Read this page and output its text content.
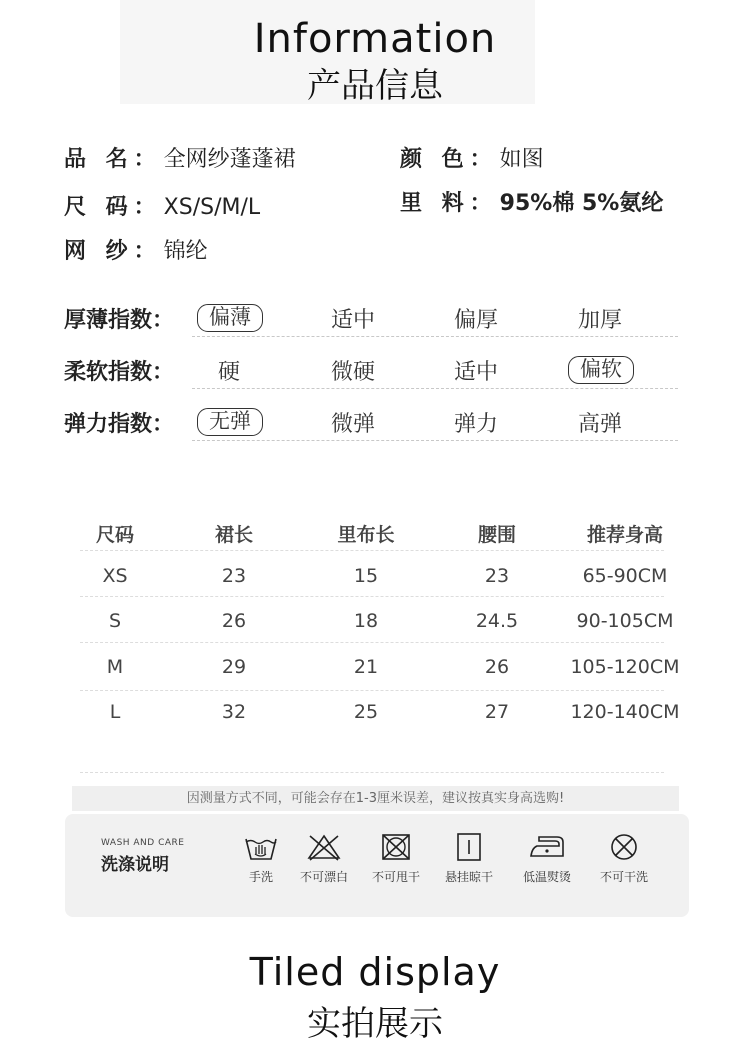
Information
产品信息
品 名：全网纱蓬蓬裙
尺 码：XS/S/M/L
网 纱：锦纶
颜 色：如图
里 料：95%棉 5%氨纶
厚薄指数：	偏薄	适中	偏厚	加厚
柔软指数：	硬	微硬	适中	偏软
弹力指数：	无弹	微弹	弹力	高弹
尺码	裙长	里布长	腰围	推荐身高
XS	23	15	23	65-90CM
S	26	18	24.5	90-105CM
M	29	21	26	105-120CM
L	32	25	27	120-140CM
因测量方式不同，可能会存在1-3厘米误差，建议按真实身高选购!
WASH AND CARE
洗涤说明
手洗	不可漂白	不可甩干	悬挂晾干	低温熨烫	不可干洗
Tiled display
实拍展示
